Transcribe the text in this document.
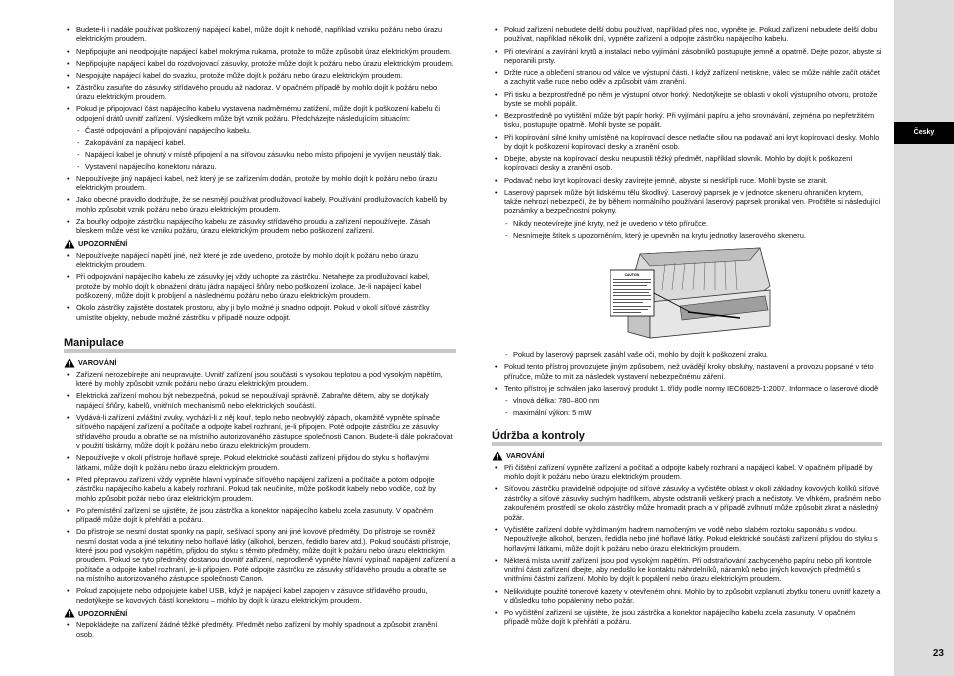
• Budete-li i nadále používat poškozený napájecí kabel, může dojít k nehodě, například vzniku požáru nebo úrazu elektrickým proudem.
• Nepřipojujte ani neodpojujte napájecí kabel mokrýma rukama, protože to může způsobit úraz elektrickým proudem.
• Nepřipojujte napájecí kabel do rozdvojovací zásuvky, protože může dojít k požáru nebo úrazu elektrickým proudem.
• Nespojujte napájecí kabel do svazku, protože může dojít k požáru nebo úrazu elektrickým proudem.
• Zástrčku zasuňte do zásuvky střídavého proudu až nadoraz. V opačném případě by mohlo dojít k požáru nebo úrazu elektrickým proudem.
• Pokud je připojovací část napájecího kabelu vystavena nadměrnému zatížení, může dojít k poškození kabelu či odpojení drátů uvnitř zařízení. Výsledkem může být vznik požáru. Předcházejte následujícím situacím:
- Časté odpojování a připojování napájecího kabelu.
- Zakopávání za napájecí kabel.
- Napájecí kabel je ohnutý v místě připojení a na síťovou zásuvku nebo místo připojení je vyvíjen neustálý tlak.
- Vystavení napájecího konektoru nárazu.
• Nepoužívejte jiný napájecí kabel, než který je se zařízením dodán, protože by mohlo dojít k požáru nebo úrazu elektrickým proudem.
• Jako obecné pravidlo dodržujte, že se nesmějí používat prodlužovací kabely. Používání prodlužovacích kabelů by mohlo způsobit vznik požáru nebo úrazu elektrickým proudem.
• Za bouřky odpojte zástrčku napájecího kabelu ze zásuvky střídavého proudu a zařízení nepoužívejte. Zásah bleskem může vést ke vzniku požáru, úrazu elektrickým proudem nebo poškození zařízení.
UPOZORNĚNÍ
• Nepoužívejte napájecí napětí jiné, než které je zde uvedeno, protože by mohlo dojít k požáru nebo úrazu elektrickým proudem.
• Při odpojování napájecího kabelu ze zásuvky jej vždy uchopte za zástrčku. Netahejte za prodlužovací kabel, protože by mohlo dojít k obnažení drátu jádra napájecí šňůry nebo poškození izolace. Je-li napájecí kabel poškozený, může dojít k probíjení a následnému požáru nebo úrazu elektrickým proudem.
• Okolo zástrčky zajistěte dostatek prostoru, aby ji bylo možné ji snadno odpojit. Pokud v okolí síťové zástrčky umístíte objekty, nebude možné zástrčku v případě nouze odpojit.
Manipulace
VAROVÁNÍ
• Zařízení nerozebírejte ani neupravujte. Uvnitř zařízení jsou součásti s vysokou teplotou a pod vysokým napětím, které by mohly způsobit vznik požáru nebo úrazu elektrickým proudem.
• Elektrická zařízení mohou být nebezpečná, pokud se nepoužívají správně. Zabraňte dětem, aby se dotýkaly napájecí šňůry, kabelů, vnitřních mechanismů nebo elektrických součástí.
• Vydává-li zařízení zvláštní zvuky, vychází-li z něj kouř, teplo nebo neobvyklý zápach, okamžitě vypněte spínače síťového napájení zařízení a počítače a odpojte kabel rozhraní, je-li připojen. Poté odpojte zástrčku ze zásuvky střídavého proudu a obraťte se na místního autorizovaného zástupce společnosti Canon. Budete-li dále pokračovat v použití tiskárny, může dojít k požáru nebo úrazu elektrickým proudem.
• Nepoužívejte v okolí přístroje hořlavé spreje. Pokud elektrické součásti zařízení přijdou do styku s hořlavými látkami, může dojít k požáru nebo úrazu elektrickým proudem.
• Před přepravou zařízení vždy vypněte hlavní vypínače síťového napájení zařízení a počítače a potom odpojte zástrčku napájecího kabelu a kabely rozhraní. Pokud tak neučiníte, může poškodit kabely nebo vodiče, což by mohlo způsobit požár nebo úraz elektrickým proudem.
• Po přemístění zařízení se ujistěte, že jsou zástrčka a konektor napájecího kabelu zcela zasunuty. V opačném případě může dojít k přehřátí a požáru.
• Do přístroje se nesmí dostat sponky na papír, sešívací spony ani jiné kovové předměty. Do přístroje se rovněž nesmí dostat voda a jiné tekutiny nebo hořlavé látky (alkohol, benzen, ředidlo barev atd.). Pokud součásti přístroje, které jsou pod vysokým napětím, přijdou do styku s těmito předměty, může dojít k požáru nebo úrazu elektrickým proudem. Pokud se tyto předměty dostanou dovnitř zařízení, neprodleně vypněte hlavní vypínač napájení zařízení a počítače a odpojte kabel rozhraní, je-li připojen. Poté odpojte zástrčku ze zásuvky střídavého proudu a obraťte se na místního autorizovaného zástupce společnosti Canon.
• Pokud zapojujete nebo odpojujete kabel USB, když je napájecí kabel zapojen v zásuvce střídavého proudu, nedotýkejte se kovových částí konektoru – mohlo by dojít k úrazu elektrickým proudem.
UPOZORNĚNÍ
• Nepokládejte na zařízení žádné těžké předměty. Předmět nebo zařízení by mohly spadnout a způsobit zranění osob.
• Pokud zařízení nebudete delší dobu používat, například přes noc, vypněte je. Pokud zařízení nebudete delší dobu používat, například několik dní, vypněte zařízení a odpojte zástrčku napájecího kabelu.
• Při otevírání a zavírání krytů a instalaci nebo vyjímání zásobníků postupujte jemně a opatrně. Dejte pozor, abyste si neporanili prsty.
• Držte ruce a oblečení stranou od válce ve výstupní části. I když zařízení netiskne, válec se může náhle začít otáčet a zachytit vaše ruce nebo oděv a způsobit vám zranění.
• Při tisku a bezprostředně po něm je výstupní otvor horký. Nedotýkejte se oblasti v okolí výstupního otvoru, protože byste se mohli popálit.
• Bezprostředně po vytištění může být papír horký. Při vyjímání papíru a jeho srovnávání, zejména po nepřetržitém tisku, postupujte opatrně. Mohli byste se popálit.
• Při kopírování silné knihy umístěné na kopírovací desce netlačte silou na podavač ani kryt kopírovací desky. Mohlo by dojít k poškození kopírovací desky a zranění osob.
• Dbejte, abyste na kopírovací desku neupustili těžký předmět, například slovník. Mohlo by dojít k poškození kopírovací desky a zranění osob.
• Podavač nebo kryt kopírovací desky zavírejte jemně, abyste si neskřípli ruce. Mohli byste se zranit.
• Laserový paprsek může být lidskému tělu škodlivý. Laserový paprsek je v jednotce skeneru ohraničen krytem, takže nehrozí nebezpečí, že by během normálního používání laserový paprsek pronikal ven. Pročtěte si následující poznámky a bezpečnostní pokyny.
- Nikdy neotevírejte jiné kryty, než je uvedeno v této příručce.
- Nesnímejte štítek s upozorněním, který je upevněn na krytu jednotky laserového skeneru.
CAUTION
- Pokud by laserový paprsek zasáhl vaše oči, mohlo by dojít k poškození zraku.
• Pokud tento přístroj provozujete jiným způsobem, než uvádějí kroky obsluhy, nastavení a provozu popsané v této příručce, může to mít za následek vystavení nebezpečnému záření.
• Tento přístroj je schválen jako laserový produkt 1. třídy podle normy IEC60825-1:2007. Informace o laserové diodě
- vlnová délka: 780–800 nm
- maximální výkon: 5 mW
Údržba a kontroly
VAROVÁNÍ
• Při čištění zařízení vypněte zařízení a počítač a odpojte kabely rozhraní a napájecí kabel. V opačném případě by mohlo dojít k požáru nebo úrazu elektrickým proudem.
• Síťovou zástrčku pravidelně odpojujte od síťové zásuvky a vyčistěte oblast v okolí základny kovových kolíků síťové zástrčky a síťové zásuvky suchým hadříkem, abyste odstranili veškerý prach a nečistoty. Ve vlhkém, prašném nebo zakouřeném prostředí se okolo zástrčky může hromadit prach a v případě zvlhnutí může způsobit zkrat a následný požár.
• Vyčistěte zařízení dobře vyždímaným hadrem namočeným ve vodě nebo slabém roztoku saponátu s vodou. Nepoužívejte alkohol, benzen, ředidla nebo jiné hořlavé látky. Pokud elektrické součásti zařízení přijdou do styku s hořlavými látkami, může dojít k požáru nebo úrazu elektrickým proudem.
• Některá místa uvnitř zařízení jsou pod vysokým napětím. Při odstraňování zachyceného papíru nebo při kontrole vnitřní části zařízení dbejte, aby nedošlo ke kontaktu náhrdelníků, náramků nebo jiných kovových předmětů s vnitřními částmi zařízení. Mohlo by dojít k popálení nebo úrazu elektrickým proudem.
• Nelikvidujte použité tonerové kazety v otevřeném ohni. Mohlo by to způsobit vzplanutí zbytku toneru uvnitř kazety a v důsledku toho popáleniny nebo požár.
• Po vyčištění zařízení se ujistěte, že jsou zástrčka a konektor napájecího kabelu zcela zasunuty. V opačném případě může dojít k přehřátí a požáru.
Česky
23
